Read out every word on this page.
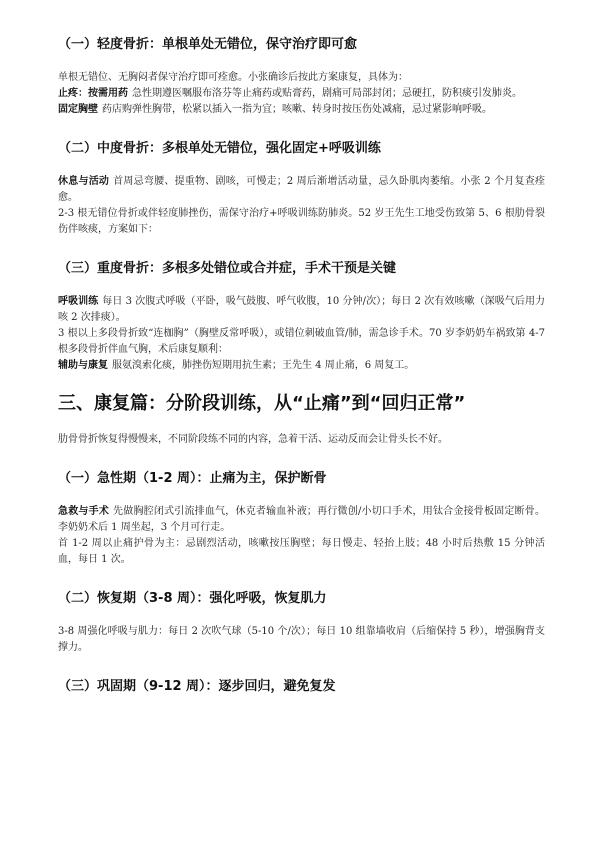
（一）轻度骨折：单根单处无错位，保守治疗即可愈

单根无错位、无胸闷者保守治疗即可痊愈。小张确诊后按此方案康复，具体为：

止疼：按需用药 急性期遵医嘱服布洛芬等止痛药或贴膏药，剧痛可局部封闭；忌硬扛，防积痰引发肺炎。

固定胸壁 药店购弹性胸带，松紧以插入一指为宜；咳嗽、转身时按压伤处减痛，忌过紧影响呼吸。

（二）中度骨折：多根单处无错位，强化固定+呼吸训练

休息与活动 首周忌弯腰、提重物、剧咳，可慢走；2 周后渐增活动量，忌久卧肌肉萎缩。小张 2 个月复查痊愈。

2-3 根无错位骨折或伴轻度肺挫伤，需保守治疗+呼吸训练防肺炎。52 岁王先生工地受伤致第 5、6 根肋骨裂伤伴咳痰，方案如下：

（三）重度骨折：多根多处错位或合并症，手术干预是关键

呼吸训练 每日 3 次腹式呼吸（平卧，吸气鼓腹、呼气收腹，10 分钟/次）；每日 2 次有效咳嗽（深吸气后用力咳 2 次排痰）。

3 根以上多段骨折致“连枷胸”（胸壁反常呼吸），或错位刺破血管/肺，需急诊手术。70 岁李奶奶车祸致第 4-7 根多段骨折伴血气胸，术后康复顺利：

辅助与康复 服氨溴索化痰，肺挫伤短期用抗生素；王先生 4 周止痛，6 周复工。

三、康复篇：分阶段训练，从“止痛”到“回归正常”

肋骨骨折恢复得慢慢来，不同阶段练不同的内容，急着干活、运动反而会让骨头长不好。

（一）急性期（1-2 周）：止痛为主，保护断骨

急救与手术 先做胸腔闭式引流排血气，休克者输血补液；再行微创/小切口手术，用钛合金接骨板固定断骨。李奶奶术后 1 周坐起，3 个月可行走。

首 1-2 周以止痛护骨为主：忌剧烈活动，咳嗽按压胸壁；每日慢走、轻抬上肢；48 小时后热敷 15 分钟活血，每日 1 次。

（二）恢复期（3-8 周）：强化呼吸，恢复肌力

3-8 周强化呼吸与肌力：每日 2 次吹气球（5-10 个/次）；每日 10 组靠墙收肩（后缩保持 5 秒），增强胸背支撑力。

（三）巩固期（9-12 周）：逐步回归，避免复发
